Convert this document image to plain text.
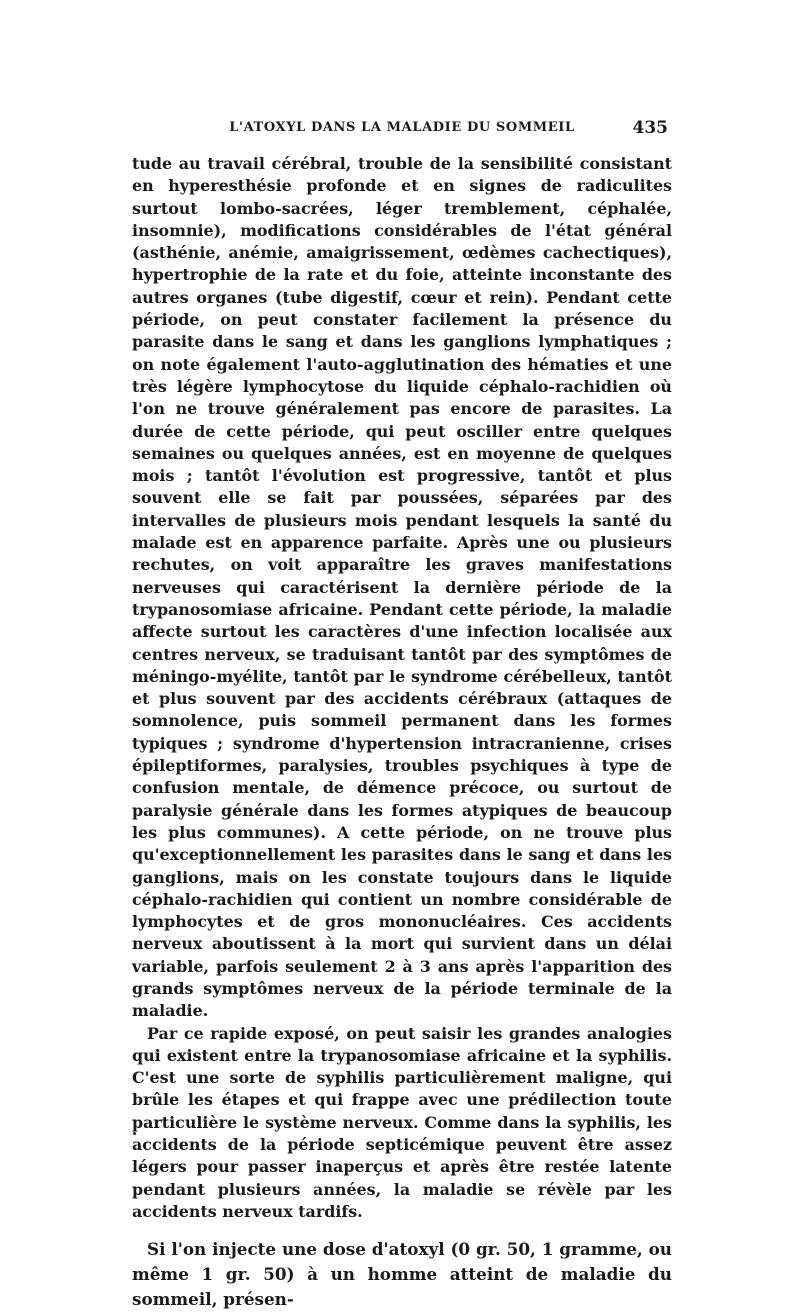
L'ATOXYL DANS LA MALADIE DU SOMMEIL	435

tude au travail cérébral, trouble de la sensibilité consistant en hyperesthésie profonde et en signes de radiculites surtout lombo-sacrées, léger tremblement, céphalée, insomnie), modifications considérables de l'état général (asthénie, anémie, amaigrissement, œdèmes cachectiques), hypertrophie de la rate et du foie, atteinte inconstante des autres organes (tube digestif, cœur et rein). Pendant cette période, on peut constater facilement la présence du parasite dans le sang et dans les ganglions lymphatiques ; on note également l'auto-agglutination des hématies et une très légère lymphocytose du liquide céphalo-rachidien où l'on ne trouve généralement pas encore de parasites. La durée de cette période, qui peut osciller entre quelques semaines ou quelques années, est en moyenne de quelques mois ; tantôt l'évolution est progressive, tantôt et plus souvent elle se fait par poussées, séparées par des intervalles de plusieurs mois pendant lesquels la santé du malade est en apparence parfaite. Après une ou plusieurs rechutes, on voit apparaître les graves manifestations nerveuses qui caractérisent la dernière période de la trypanosomiase africaine. Pendant cette période, la maladie affecte surtout les caractères d'une infection localisée aux centres nerveux, se traduisant tantôt par des symptômes de méningo-myélite, tantôt par le syndrome cérébelleux, tantôt et plus souvent par des accidents cérébraux (attaques de somnolence, puis sommeil permanent dans les formes typiques ; syndrome d'hypertension intracranienne, crises épileptiformes, paralysies, troubles psychiques à type de confusion mentale, de démence précoce, ou surtout de paralysie générale dans les formes atypiques de beaucoup les plus communes). A cette période, on ne trouve plus qu'exceptionnellement les parasites dans le sang et dans les ganglions, mais on les constate toujours dans le liquide céphalo-rachidien qui contient un nombre considérable de lymphocytes et de gros mononucléaires. Ces accidents nerveux aboutissent à la mort qui survient dans un délai variable, parfois seulement 2 à 3 ans après l'apparition des grands symptômes nerveux de la période terminale de la maladie.

Par ce rapide exposé, on peut saisir les grandes analogies qui existent entre la trypanosomiase africaine et la syphilis. C'est une sorte de syphilis particulièrement maligne, qui brûle les étapes et qui frappe avec une prédilection toute particulière le système nerveux. Comme dans la syphilis, les accidents de la période septicémique peuvent être assez légers pour passer inaperçus et après être restée latente pendant plusieurs années, la maladie se révèle par les accidents nerveux tardifs.

Si l'on injecte une dose d'atoxyl (0 gr. 50, 1 gramme, ou même 1 gr. 50) à un homme atteint de maladie du sommeil, présen-
